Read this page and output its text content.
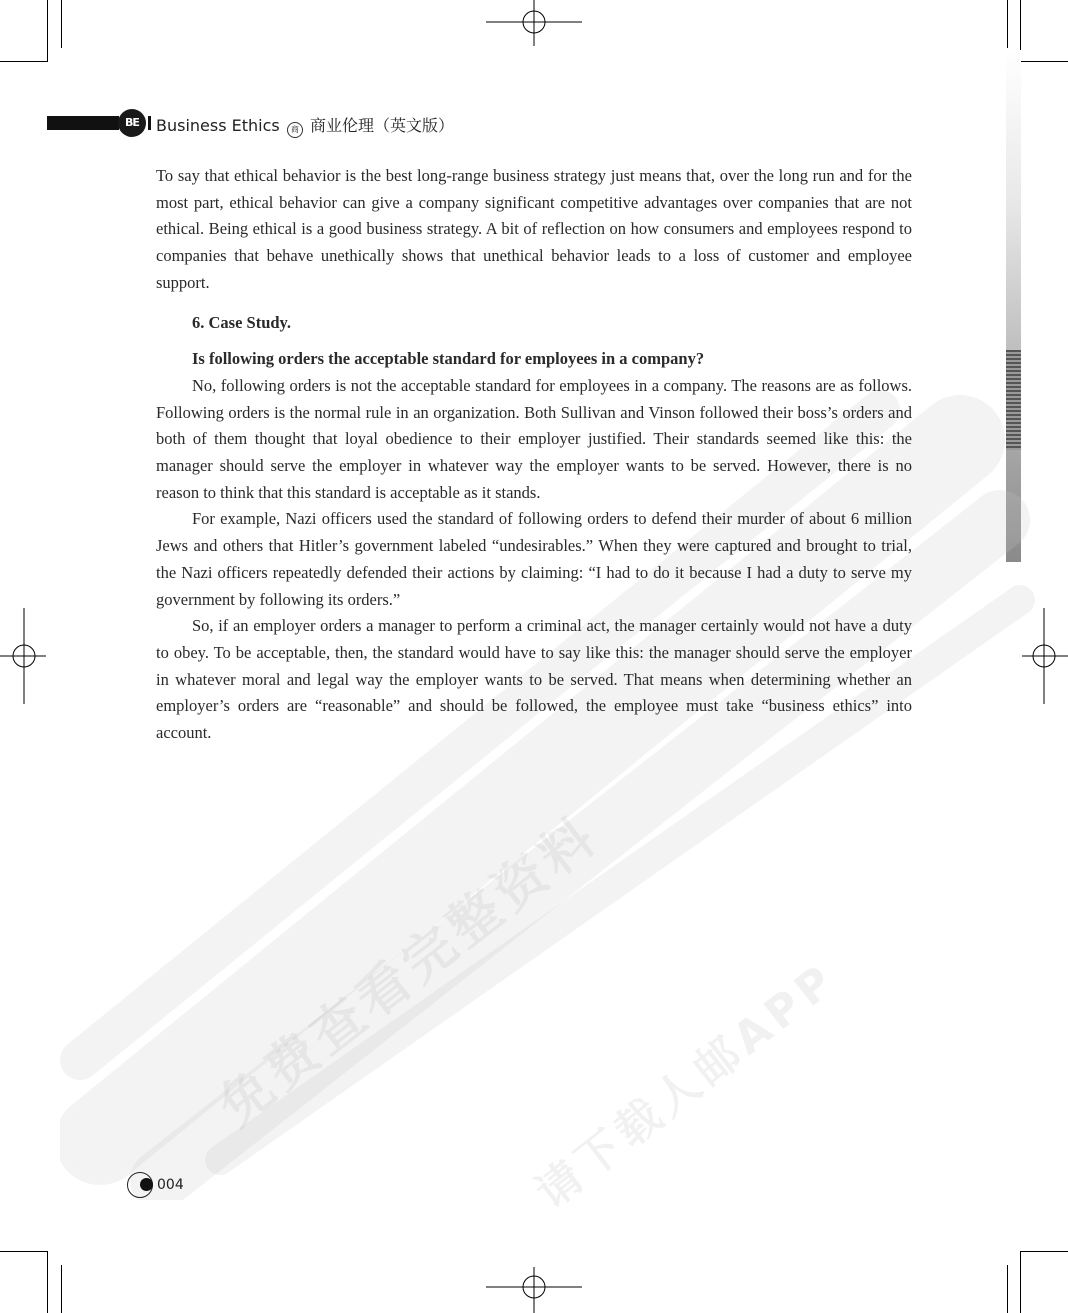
免费查看完整资料
请下载人邮APP
BE	Business Ethics 商 商业伦理（英文版）

To say that ethical behavior is the best long-range business strategy just means that, over the long run and for the most part, ethical behavior can give a company significant competitive advantages over companies that are not ethical. Being ethical is a good business strategy. A bit of reflection on how consumers and employees respond to companies that behave unethically shows that unethical behavior leads to a loss of customer and employee support.

6. Case Study.

Is following orders the acceptable standard for employees in a company?

No, following orders is not the acceptable standard for employees in a company. The reasons are as follows. Following orders is the normal rule in an organization. Both Sullivan and Vinson followed their boss’s orders and both of them thought that loyal obedience to their employer justified. Their standards seemed like this: the manager should serve the employer in whatever way the employer wants to be served. However, there is no reason to think that this standard is acceptable as it stands.

For example, Nazi officers used the standard of following orders to defend their murder of about 6 million Jews and others that Hitler’s government labeled “undesirables.” When they were captured and brought to trial, the Nazi officers repeatedly defended their actions by claiming: “I had to do it because I had a duty to serve my government by following its orders.”

So, if an employer orders a manager to perform a criminal act, the manager certainly would not have a duty to obey. To be acceptable, then, the standard would have to say like this: the manager should serve the employer in whatever moral and legal way the employer wants to be served. That means when determining whether an employer’s orders are “reasonable” and should be followed, the employee must take “business ethics” into account.

004
